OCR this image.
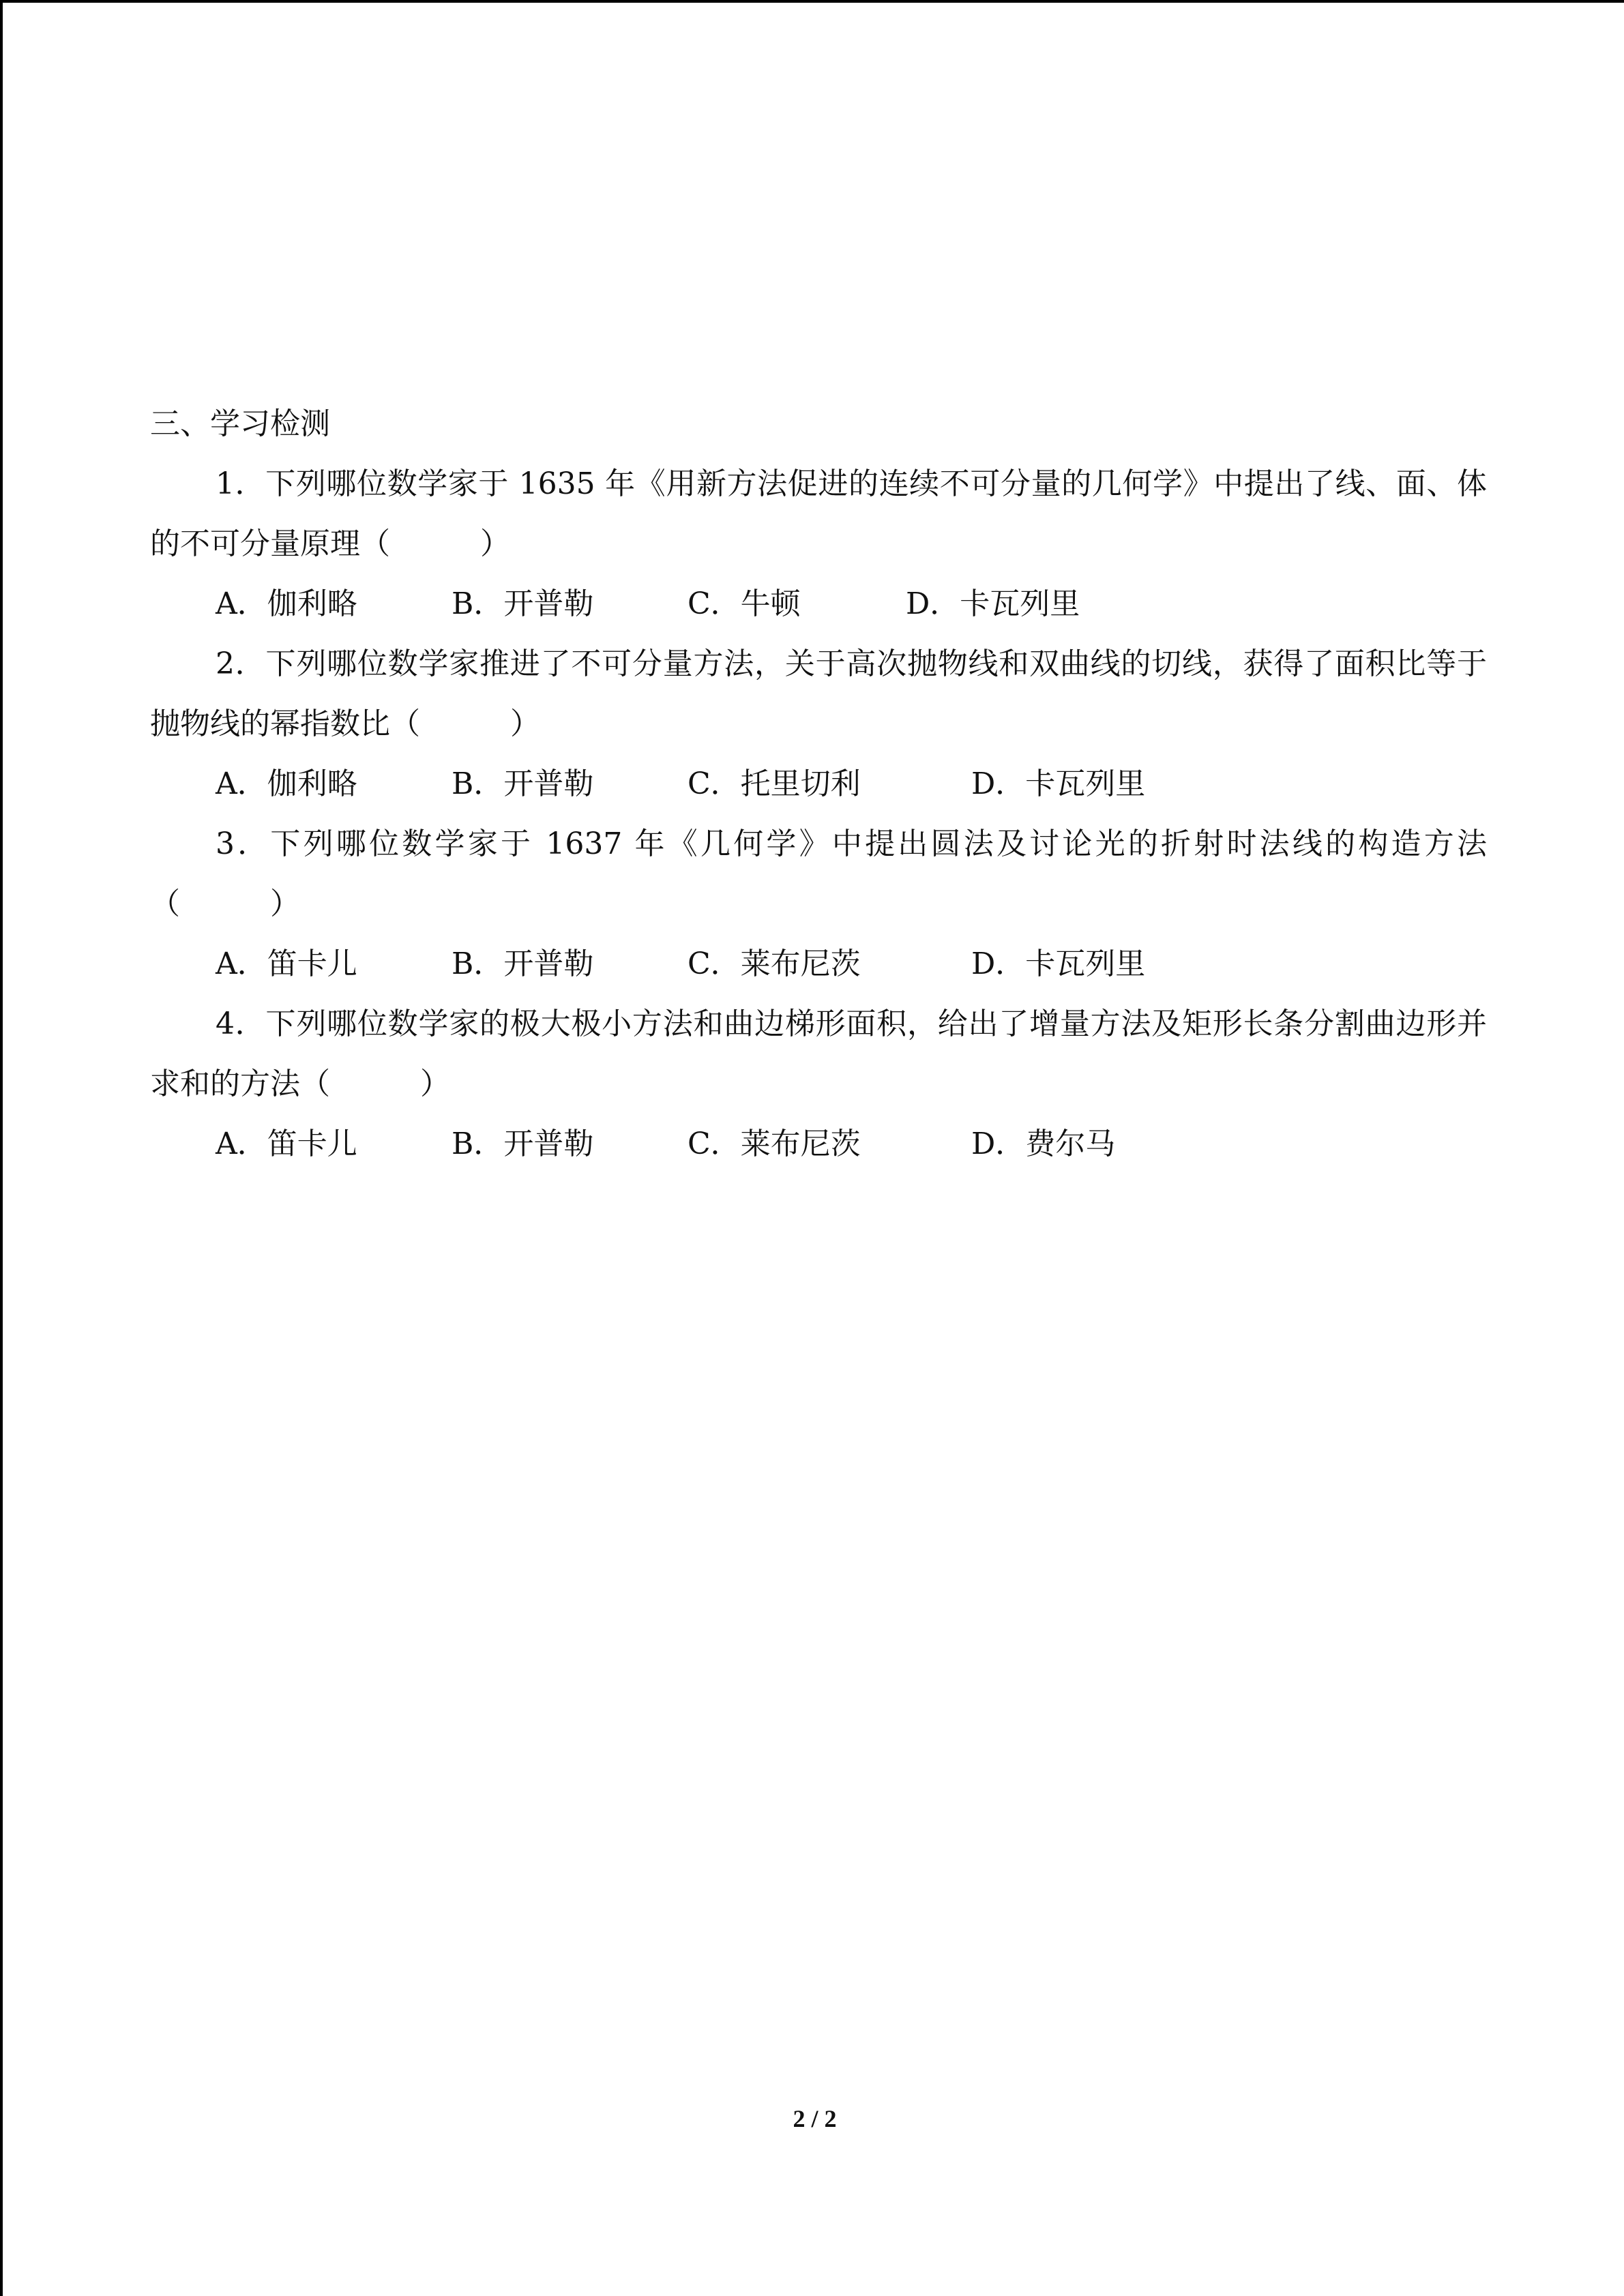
三、学习检测

1．下列哪位数学家于 1635 年《用新方法促进的连续不可分量的几何学》中提出了线、面、体的不可分量原理（　　　）

A．伽利略	B．开普勒	C．牛顿	D．卡瓦列里

2．下列哪位数学家推进了不可分量方法，关于高次抛物线和双曲线的切线，获得了面积比等于抛物线的幂指数比（　　　）

A．伽利略	B．开普勒	C．托里切利	D．卡瓦列里

3．下列哪位数学家于 1637 年《几何学》中提出圆法及讨论光的折射时法线的构造方法（　　　）

A．笛卡儿	B．开普勒	C．莱布尼茨	D．卡瓦列里

4．下列哪位数学家的极大极小方法和曲边梯形面积，给出了增量方法及矩形长条分割曲边形并求和的方法（　　　）

A．笛卡儿	B．开普勒	C．莱布尼茨	D．费尔马
2 / 2
